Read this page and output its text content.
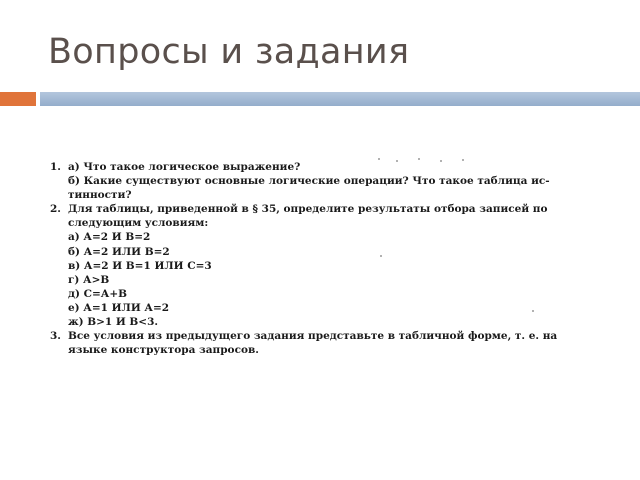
Вопросы и задания
1. а) Что такое логическое выражение?
б) Какие существуют основные логические операции? Что такое таблица ис-
тинности?
2. Для таблицы, приведенной в § 35, определите результаты отбора записей по
следующим условиям:
а) А=2 И В=2
б) А=2 ИЛИ В=2
в) А=2 И В=1 ИЛИ С=3
г) А>В
д) С=А+В
е) А=1 ИЛИ А=2
ж) В>1 И В<3.
3. Все условия из предыдущего задания представьте в табличной форме, т. е. на
языке конструктора запросов.
